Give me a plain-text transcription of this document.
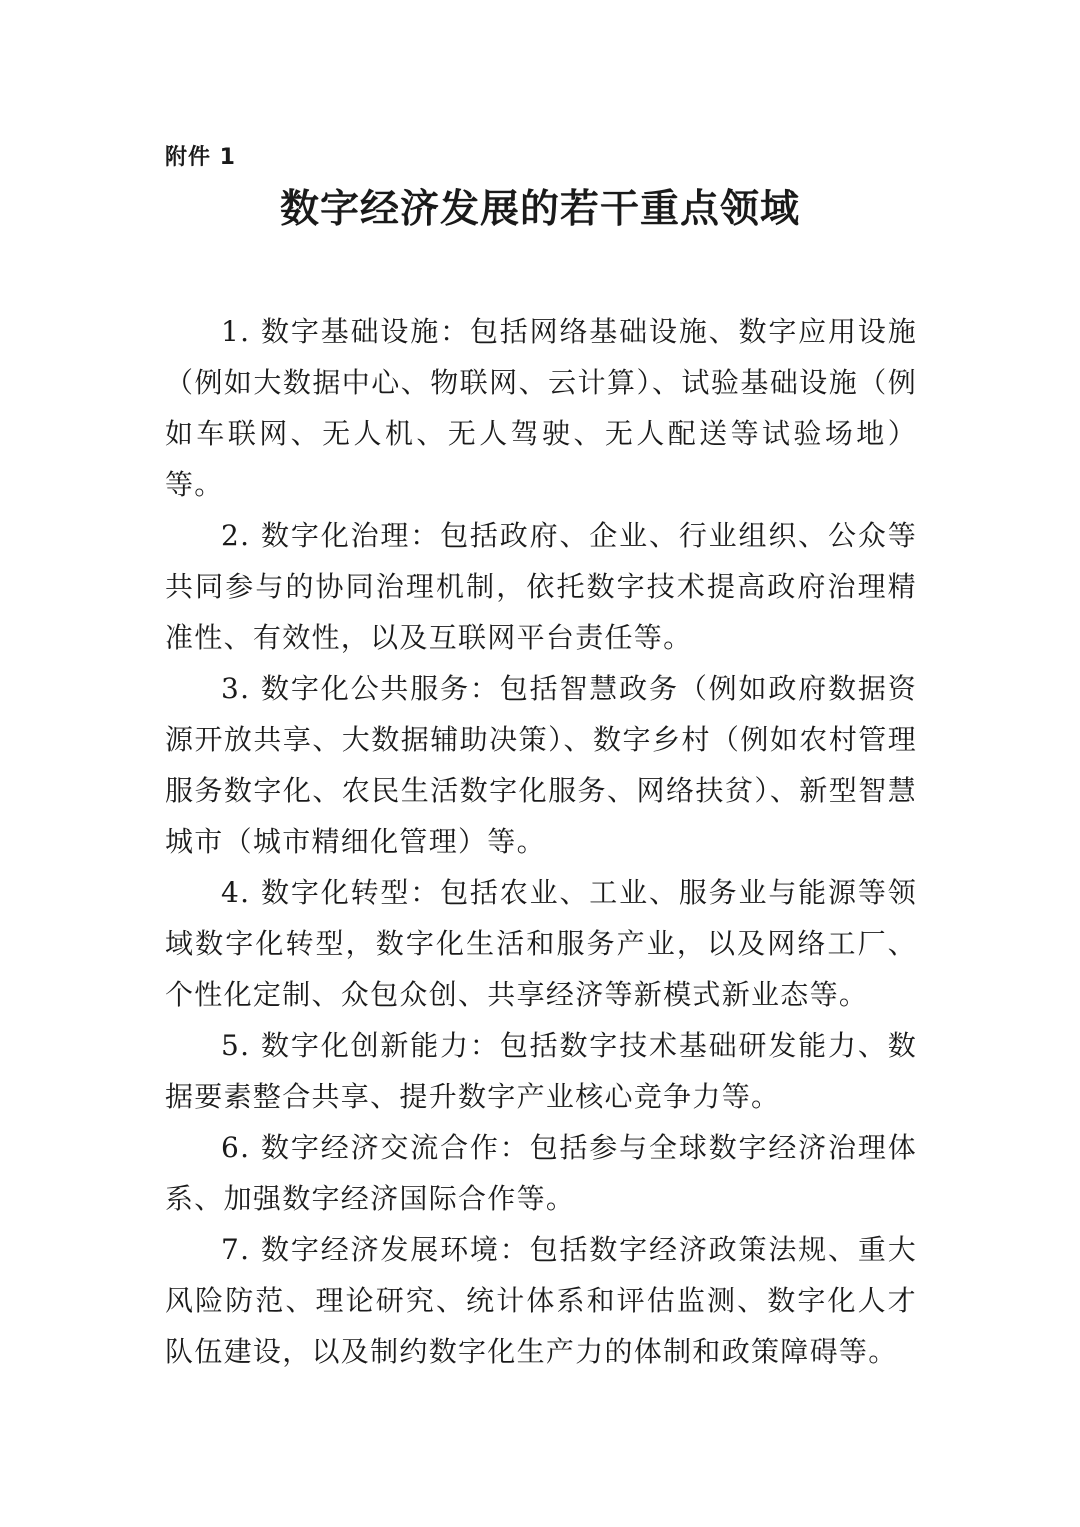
附件 1
数字经济发展的若干重点领域

1. 数字基础设施：包括网络基础设施、数字应用设施（例如大数据中心、物联网、云计算）、试验基础设施（例如车联网、无人机、无人驾驶、无人配送等试验场地）等。

2. 数字化治理：包括政府、企业、行业组织、公众等共同参与的协同治理机制，依托数字技术提高政府治理精准性、有效性，以及互联网平台责任等。

3. 数字化公共服务：包括智慧政务（例如政府数据资源开放共享、大数据辅助决策）、数字乡村（例如农村管理服务数字化、农民生活数字化服务、网络扶贫）、新型智慧城市（城市精细化管理）等。

4. 数字化转型：包括农业、工业、服务业与能源等领域数字化转型，数字化生活和服务产业，以及网络工厂、个性化定制、众包众创、共享经济等新模式新业态等。

5. 数字化创新能力：包括数字技术基础研发能力、数据要素整合共享、提升数字产业核心竞争力等。

6. 数字经济交流合作：包括参与全球数字经济治理体系、加强数字经济国际合作等。

7. 数字经济发展环境：包括数字经济政策法规、重大风险防范、理论研究、统计体系和评估监测、数字化人才队伍建设，以及制约数字化生产力的体制和政策障碍等。
